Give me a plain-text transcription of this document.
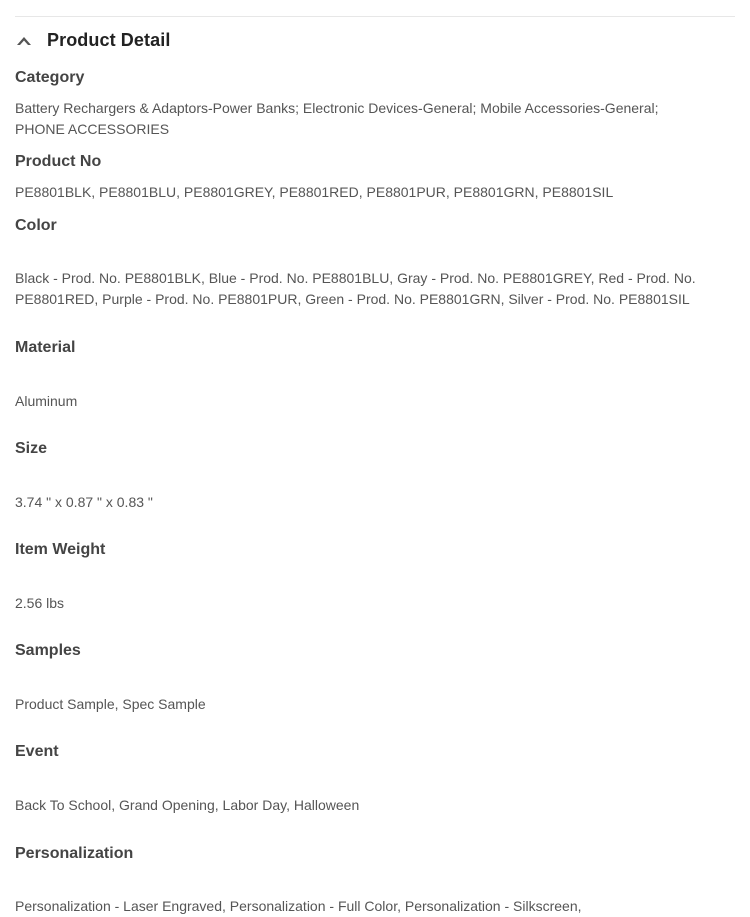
Product Detail
Category
Battery Rechargers & Adaptors-Power Banks; Electronic Devices-General; Mobile Accessories-General;
PHONE ACCESSORIES
Product No
PE8801BLK, PE8801BLU, PE8801GREY, PE8801RED, PE8801PUR, PE8801GRN, PE8801SIL
Color
Black - Prod. No. PE8801BLK, Blue - Prod. No. PE8801BLU, Gray - Prod. No. PE8801GREY, Red - Prod. No.
PE8801RED, Purple - Prod. No. PE8801PUR, Green - Prod. No. PE8801GRN, Silver - Prod. No. PE8801SIL
Material
Aluminum
Size
3.74 " x 0.87 " x 0.83 "
Item Weight
2.56 lbs
Samples
Product Sample, Spec Sample
Event
Back To School, Grand Opening, Labor Day, Halloween
Personalization
Personalization - Laser Engraved, Personalization - Full Color, Personalization - Silkscreen,
